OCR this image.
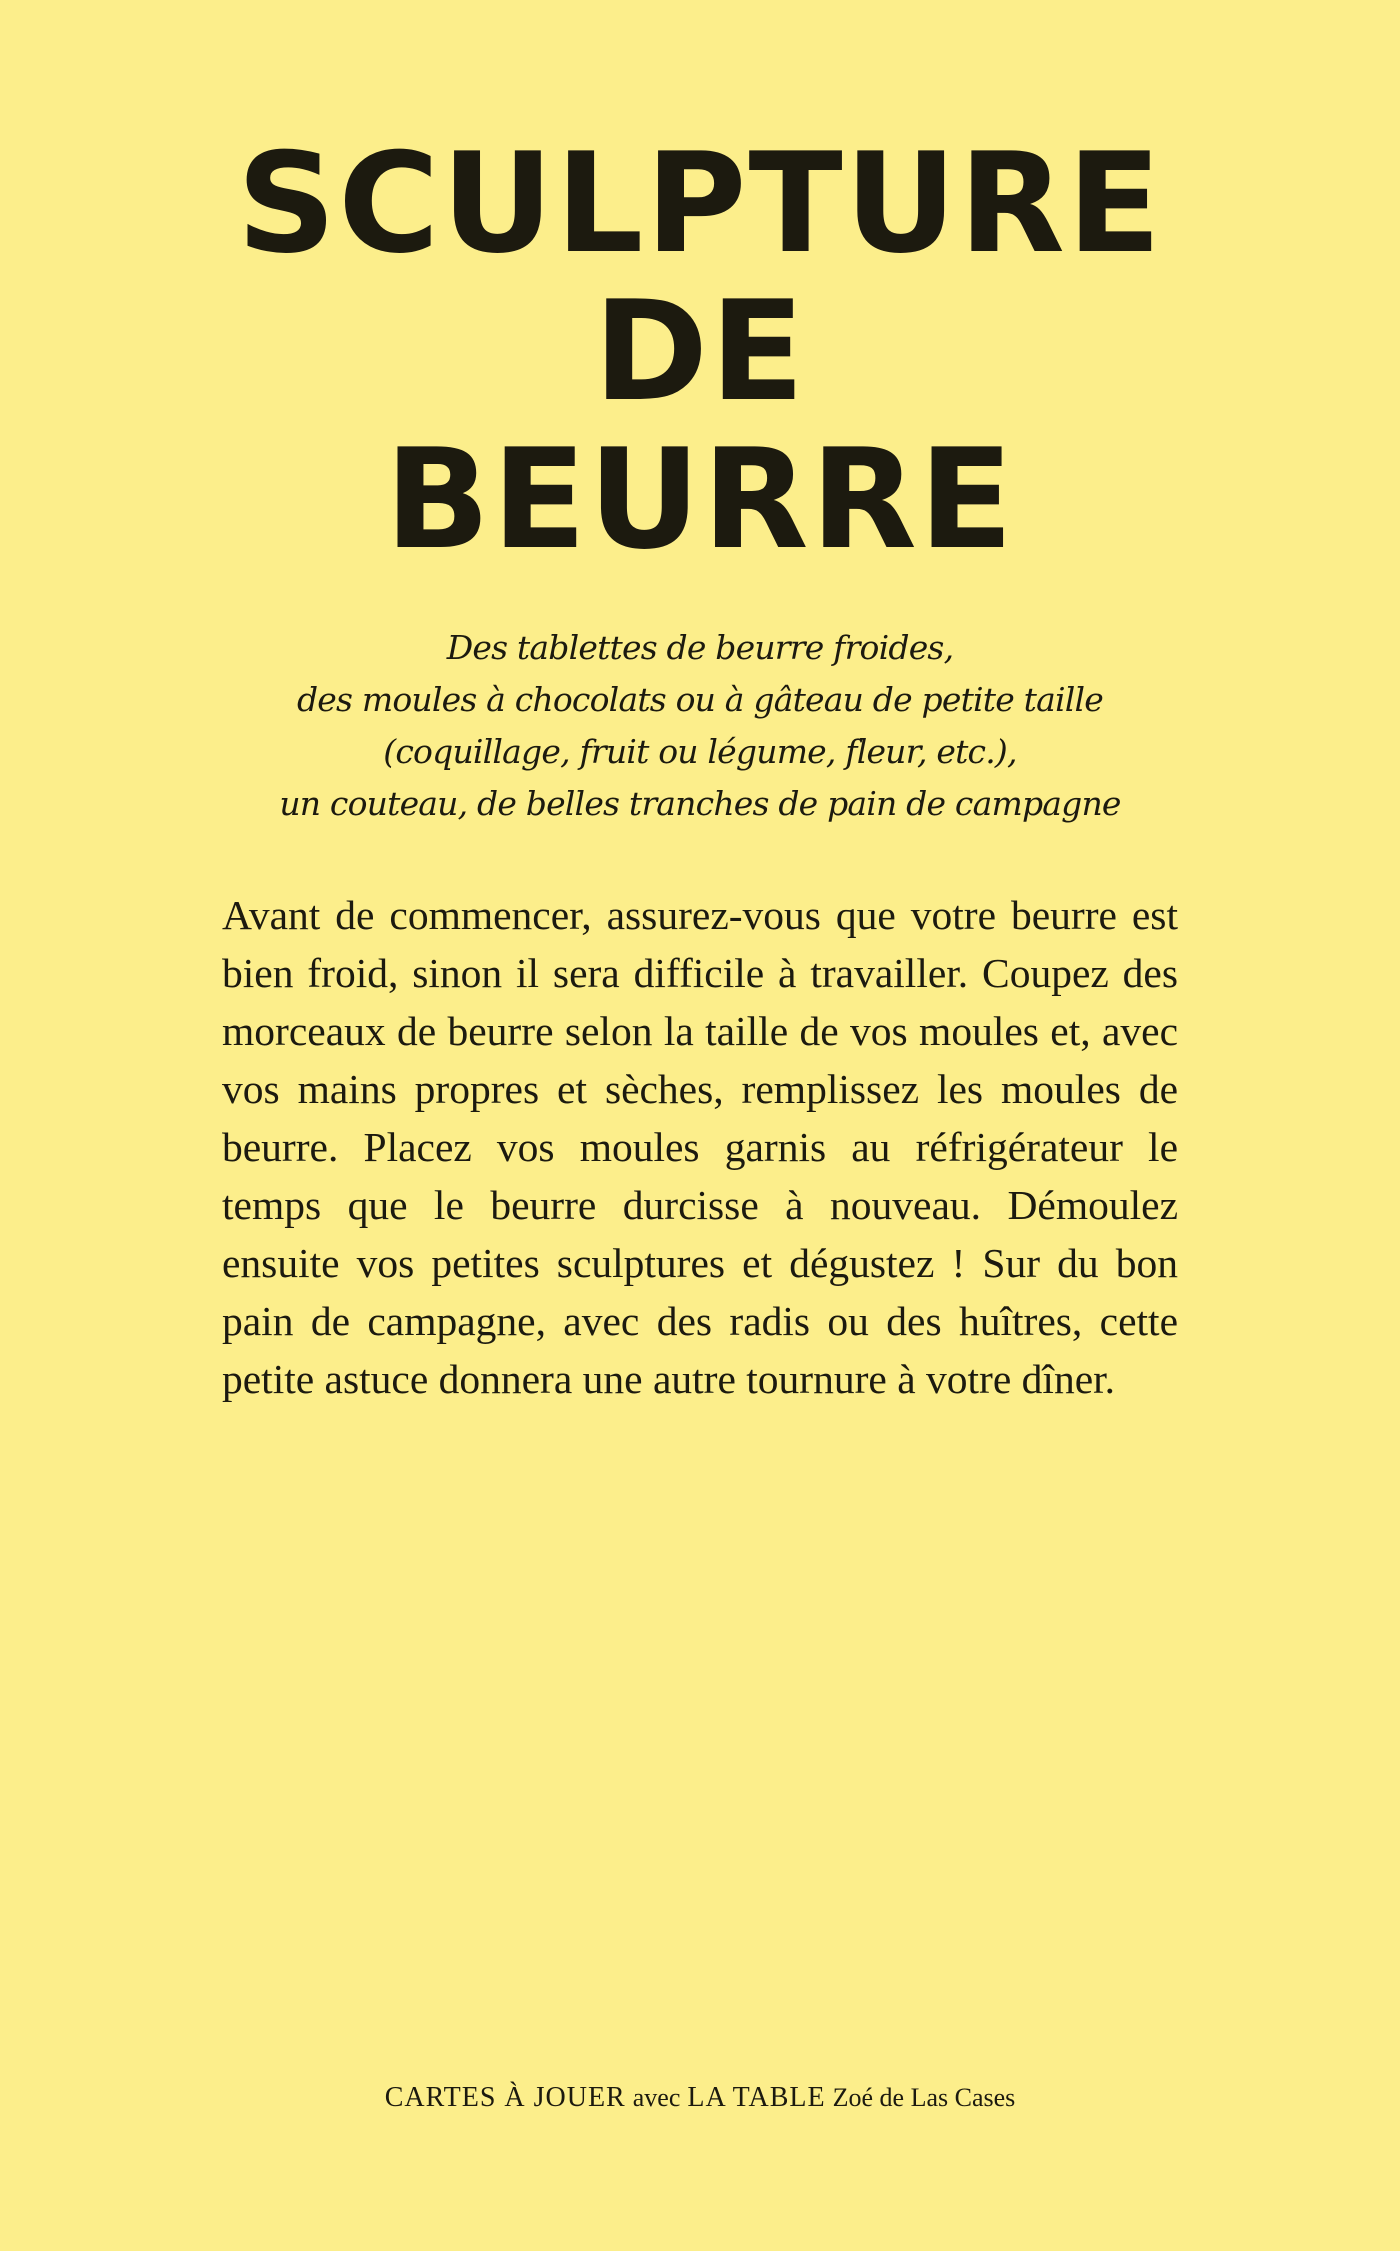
SCULPTURE
DE
BEURRE

Des tablettes de beurre froides,
des moules à chocolats ou à gâteau de petite taille
(coquillage, fruit ou légume, fleur, etc.),
un couteau, de belles tranches de pain de campagne

Avant de commencer, assurez-vous que votre beurre est bien froid, sinon il sera difficile à travailler. Coupez des morceaux de beurre selon la taille de vos moules et, avec vos mains propres et sèches, remplissez les moules de beurre. Placez vos moules garnis au réfrigérateur le temps que le beurre durcisse à nouveau. Démoulez ensuite vos petites sculptures et dégustez ! Sur du bon pain de campagne, avec des radis ou des huîtres, cette petite astuce donnera une autre tournure à votre dîner.

CARTES À JOUER avec LA TABLE Zoé de Las Cases
